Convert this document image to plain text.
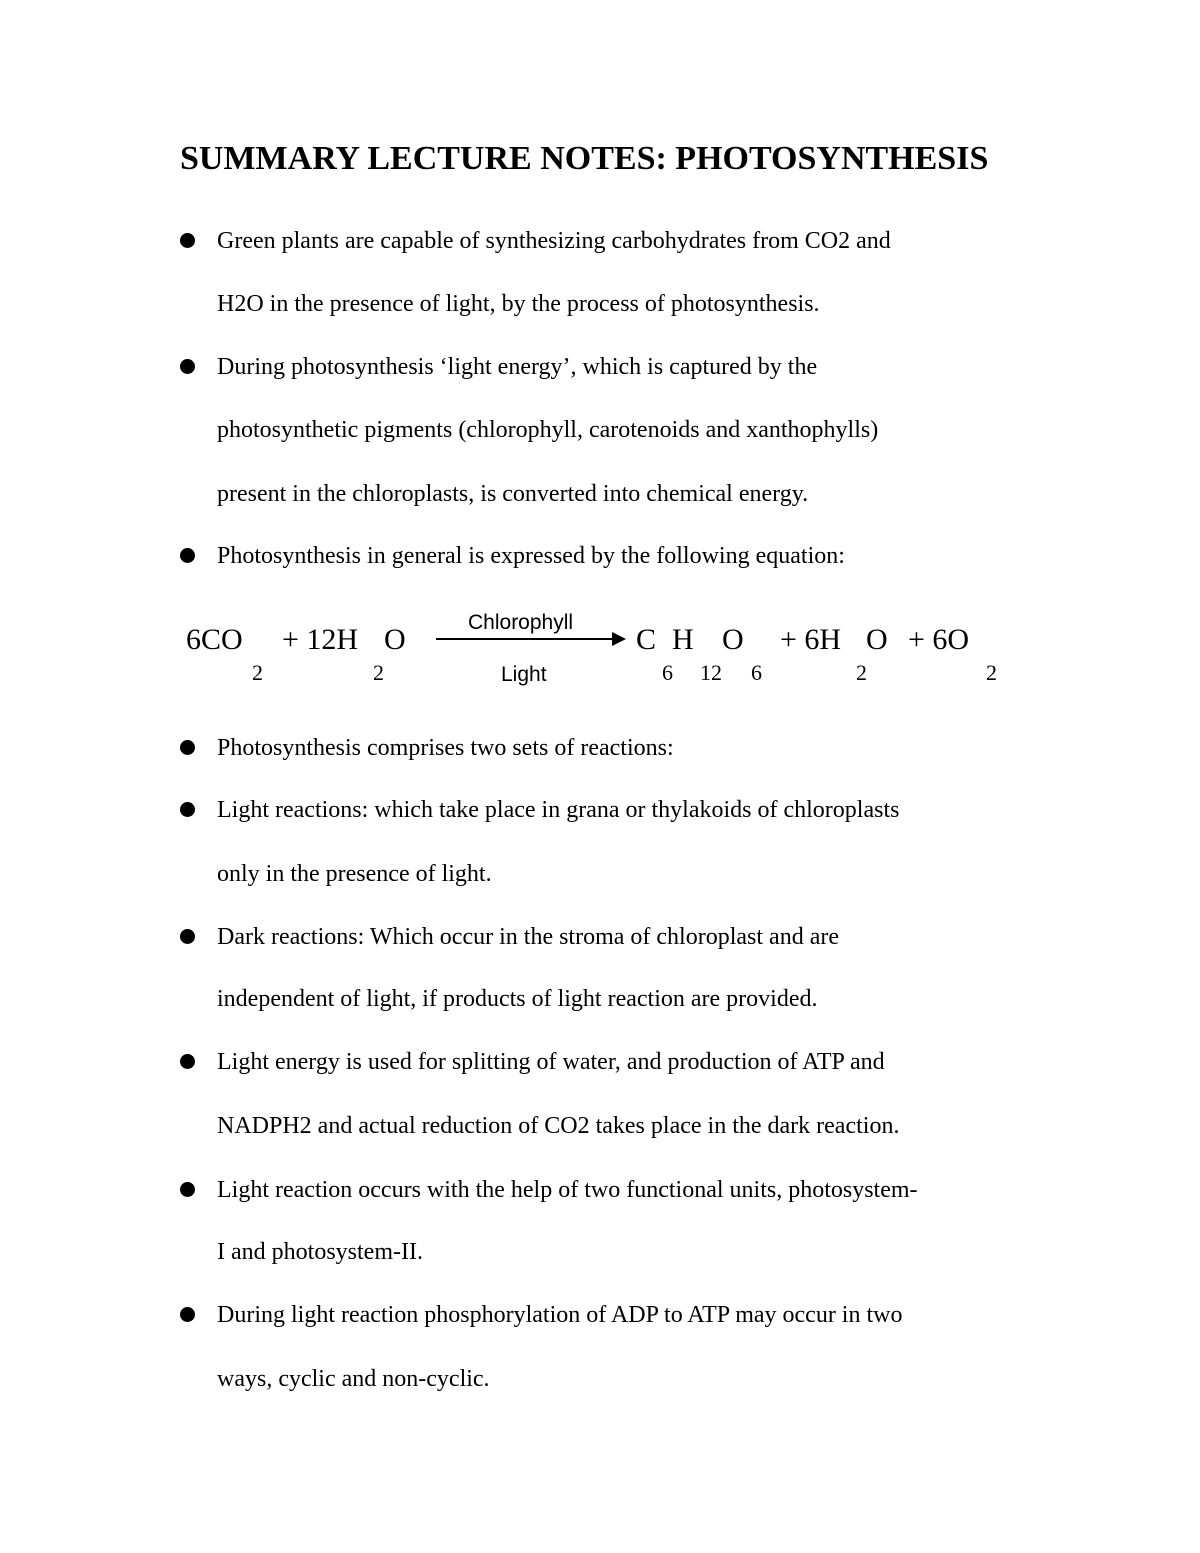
SUMMARY LECTURE NOTES: PHOTOSYNTHESIS
Green plants are capable of synthesizing carbohydrates from CO2 and
H2O in the presence of light, by the process of photosynthesis.
During photosynthesis ‘light energy’, which is captured by the
photosynthetic pigments (chlorophyll, carotenoids and xanthophylls)
present in the chloroplasts, is converted into chemical energy.
Photosynthesis in general is expressed by the following equation:
Photosynthesis comprises two sets of reactions:
Light reactions: which take place in grana or thylakoids of chloroplasts
only in the presence of light.
Dark reactions: Which occur in the stroma of chloroplast and are
independent of light, if products of light reaction are provided.
Light energy is used for splitting of water, and production of ATP and
NADPH2 and actual reduction of CO2 takes place in the dark reaction.
Light reaction occurs with the help of two functional units, photosystem-
I and photosystem-II.
During light reaction phosphorylation of ADP to ATP may occur in two
ways, cyclic and non-cyclic.
6CO
2
+ 12H
2
O
Chlorophyll
Light
C
6
H
12
O
6
+ 6H
2
O + 6O
2
